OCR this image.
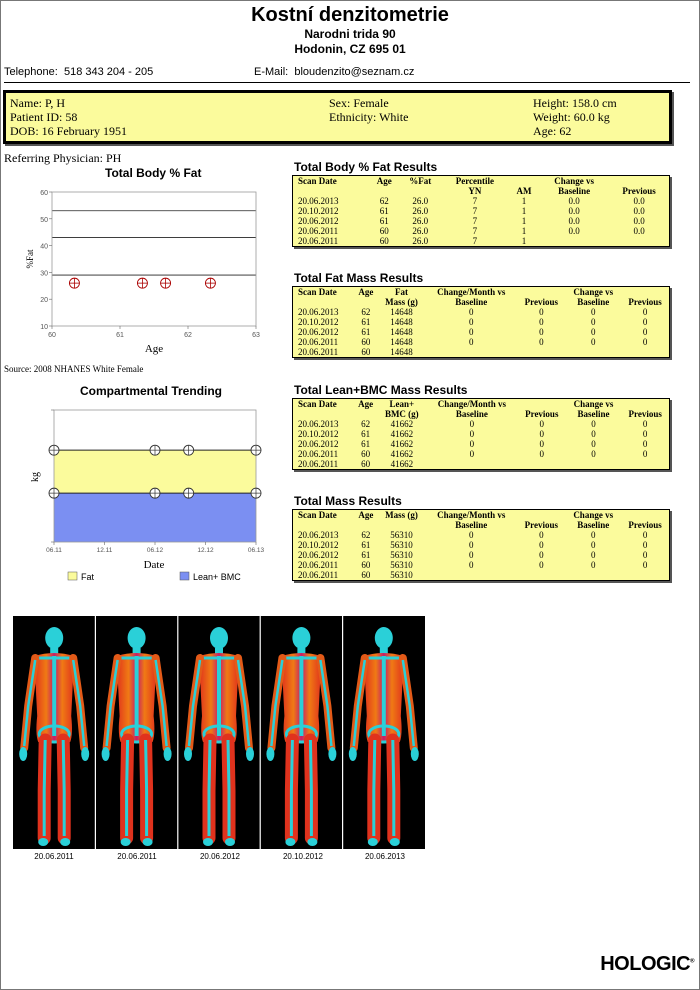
Kostní denzitometrie
Narodni trida 90
Hodonin, CZ 695 01
Telephone: 518 343 204 - 205	E-Mail: bloudenzito@seznam.cz
Name: P, H
Patient ID: 58
DOB: 16 February 1951
Sex: Female
Ethnicity: White
Height: 158.0 cm
Weight: 60.0 kg
Age: 62
Referring Physician: PH
Total Body % Fat
%Fat
Age
10
20
30
40
50
60
60	61	62	63
Source: 2008 NHANES White Female
Compartmental Trending
kg
Date
Fat	Lean+ BMC
06.11	12.11	06.12	12.12	06.13
Total Body % Fat Results
Scan Date	Age	%Fat	Percentile		Change vs	
			YN	AM	Baseline	Previous
20.06.2013	62	26.0	7	1	0.0	0.0
20.10.2012	61	26.0	7	1	0.0	0.0
20.06.2012	61	26.0	7	1	0.0	0.0
20.06.2011	60	26.0	7	1	0.0	0.0
20.06.2011	60	26.0	7	1		
Total Fat Mass Results
Scan Date	Age	Fat	Change/Month vs		Change vs	
		Mass (g)	Baseline	Previous	Baseline	Previous
20.06.2013	62	14648	0	0	0	0
20.10.2012	61	14648	0	0	0	0
20.06.2012	61	14648	0	0	0	0
20.06.2011	60	14648	0	0	0	0
20.06.2011	60	14648				
Total Lean+BMC Mass Results
Scan Date	Age	Lean+	Change/Month vs		Change vs	
		BMC (g)	Baseline	Previous	Baseline	Previous
20.06.2013	62	41662	0	0	0	0
20.10.2012	61	41662	0	0	0	0
20.06.2012	61	41662	0	0	0	0
20.06.2011	60	41662	0	0	0	0
20.06.2011	60	41662				
Total Mass Results
Scan Date	Age	Mass (g)	Change/Month vs		Change vs	
			Baseline	Previous	Baseline	Previous
20.06.2013	62	56310	0	0	0	0
20.10.2012	61	56310	0	0	0	0
20.06.2012	61	56310	0	0	0	0
20.06.2011	60	56310	0	0	0	0
20.06.2011	60	56310				
20.06.2011	20.06.2011	20.06.2012	20.10.2012	20.06.2013
HOLOGIC®
